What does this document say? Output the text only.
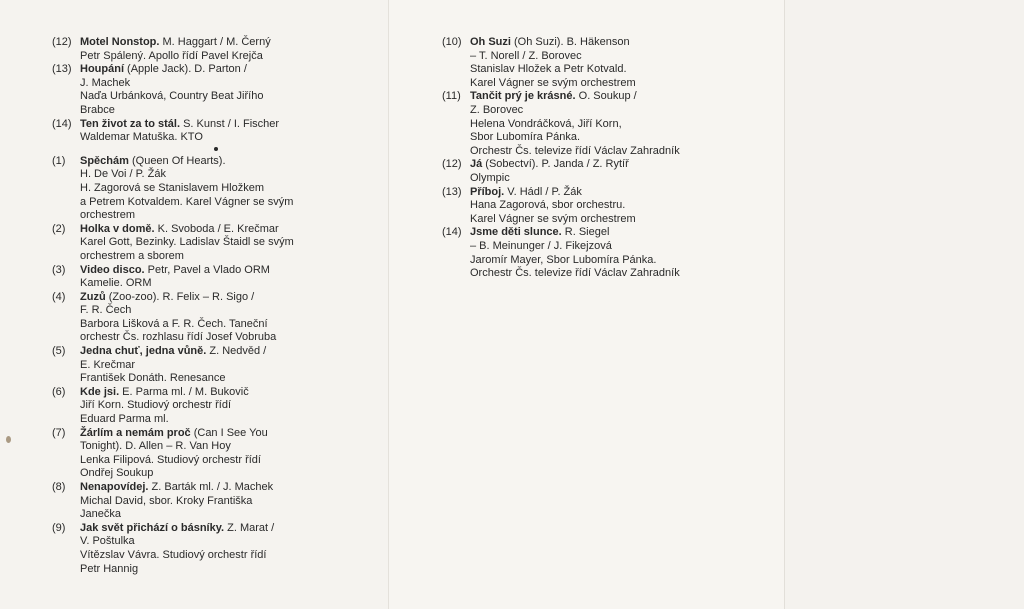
(12) Motel Nonstop. M. Haggart / M. Černý
Petr Spálený. Apollo řídí Pavel Krejča
(13) Houpání (Apple Jack). D. Parton /
J. Machek
Naďa Urbánková, Country Beat Jiřího
Brabce
(14) Ten život za to stál. S. Kunst / I. Fischer
Waldemar Matuška. KTO
(1)	Spěchám (Queen Of Hearts).
H. De Voi / P. Žák
H. Zagorová se Stanislavem Hložkem
a Petrem Kotvaldem. Karel Vágner se svým
orchestrem
(2)	Holka v domě. K. Svoboda / E. Krečmar
Karel Gott, Bezinky. Ladislav Štaidl se svým
orchestrem a sborem
(3)	Video disco. Petr, Pavel a Vlado ORM
Kamelie. ORM
(4)	Zuzů (Zoo-zoo). R. Felix – R. Sigo /
F. R. Čech
Barbora Lišková a F. R. Čech. Taneční
orchestr Čs. rozhlasu řídí Josef Vobruba
(5)	Jedna chuť, jedna vůně. Z. Nedvěd /
E. Krečmar
František Donáth. Renesance
(6)	Kde jsi. E. Parma ml. / M. Bukovič
Jiří Korn. Studiový orchestr řídí
Eduard Parma ml.
(7)	Žárlím a nemám proč (Can I See You
Tonight). D. Allen – R. Van Hoy
Lenka Filipová. Studiový orchestr řídí
Ondřej Soukup
(8)	Nenapovídej. Z. Barták ml. / J. Machek
Michal David, sbor. Kroky Františka
Janečka
(9)	Jak svět přichází o básníky. Z. Marat /
V. Poštulka
Vítězslav Vávra. Studiový orchestr řídí
Petr Hannig
(10) Oh Suzi (Oh Suzi). B. Häkenson
– T. Norell / Z. Borovec
Stanislav Hložek a Petr Kotvald.
Karel Vágner se svým orchestrem
(11) Tančit prý je krásné. O. Soukup /
Z. Borovec
Helena Vondráčková, Jiří Korn,
Sbor Lubomíra Pánka.
Orchestr Čs. televize řídí Václav Zahradník
(12) Já (Sobectví). P. Janda / Z. Rytíř
Olympic
(13) Příboj. V. Hádl / P. Žák
Hana Zagorová, sbor orchestru.
Karel Vágner se svým orchestrem
(14) Jsme děti slunce. R. Siegel
– B. Meinunger / J. Fikejzová
Jaromír Mayer, Sbor Lubomíra Pánka.
Orchestr Čs. televize řídí Václav Zahradník
